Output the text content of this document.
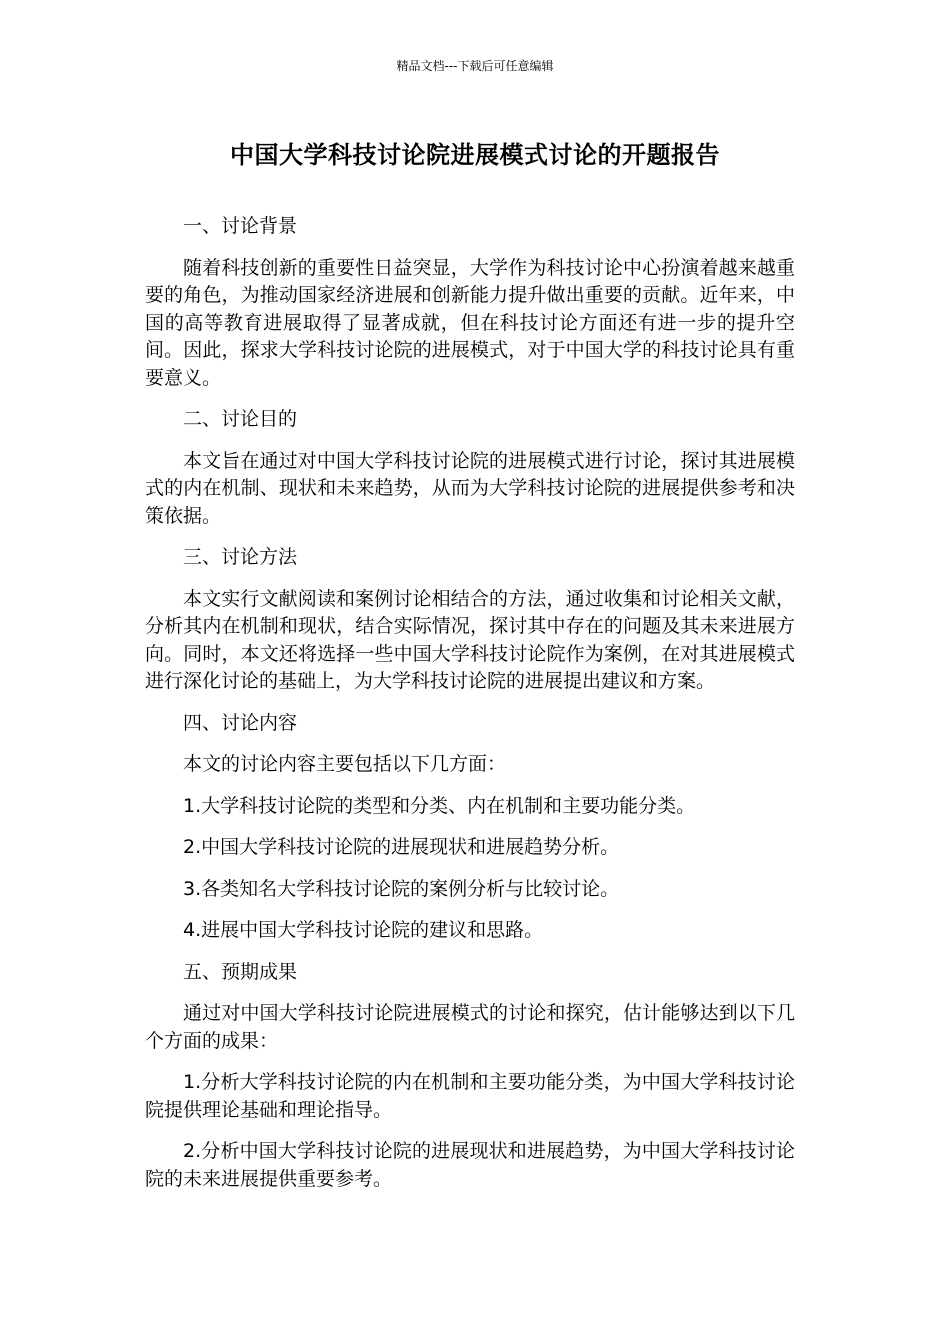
精品文档---下载后可任意编辑
中国大学科技讨论院进展模式讨论的开题报告

一、讨论背景

随着科技创新的重要性日益突显，大学作为科技讨论中心扮演着越来越重要的角色，为推动国家经济进展和创新能力提升做出重要的贡献。近年来，中国的高等教育进展取得了显著成就，但在科技讨论方面还有进一步的提升空间。因此，探求大学科技讨论院的进展模式，对于中国大学的科技讨论具有重要意义。

二、讨论目的

本文旨在通过对中国大学科技讨论院的进展模式进行讨论，探讨其进展模式的内在机制、现状和未来趋势，从而为大学科技讨论院的进展提供参考和决策依据。

三、讨论方法

本文实行文献阅读和案例讨论相结合的方法，通过收集和讨论相关文献，分析其内在机制和现状，结合实际情况，探讨其中存在的问题及其未来进展方向。同时，本文还将选择一些中国大学科技讨论院作为案例，在对其进展模式进行深化讨论的基础上，为大学科技讨论院的进展提出建议和方案。

四、讨论内容

本文的讨论内容主要包括以下几方面：

1.大学科技讨论院的类型和分类、内在机制和主要功能分类。

2.中国大学科技讨论院的进展现状和进展趋势分析。

3.各类知名大学科技讨论院的案例分析与比较讨论。

4.进展中国大学科技讨论院的建议和思路。

五、预期成果

通过对中国大学科技讨论院进展模式的讨论和探究，估计能够达到以下几个方面的成果：

1.分析大学科技讨论院的内在机制和主要功能分类，为中国大学科技讨论院提供理论基础和理论指导。

2.分析中国大学科技讨论院的进展现状和进展趋势，为中国大学科技讨论院的未来进展提供重要参考。
